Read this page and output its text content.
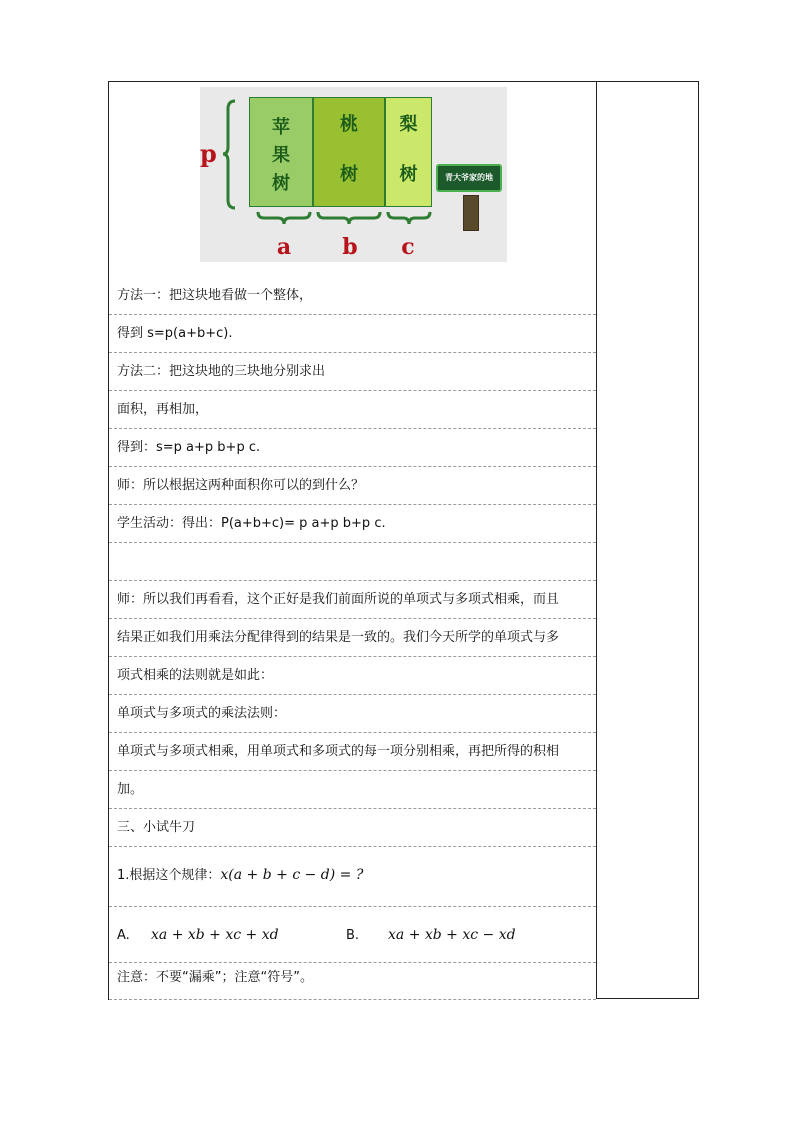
p
苹
果
树
桃
树
梨
树
a	b	c
青大爷家的地
方法一：把这块地看做一个整体，
得到 s=p(a+b+c).
方法二：把这块地的三块地分别求出
面积，再相加，
得到：s=p a+p b+p c.
师：所以根据这两种面积你可以的到什么？
学生活动：得出：P(a+b+c)= p a+p b+p c.
师：所以我们再看看，这个正好是我们前面所说的单项式与多项式相乘，而且
结果正如我们用乘法分配律得到的结果是一致的。我们今天所学的单项式与多
项式相乘的法则就是如此：
单项式与多项式的乘法法则：
单项式与多项式相乘，用单项式和多项式的每一项分别相乘，再把所得的积相
加。
三、小试牛刀
1.根据这个规律：x(a + b + c − d) = ?
A. xa + xb + xc + xd	B. xa + xb + xc − xd
注意：不要“漏乘”；注意“符号”。
